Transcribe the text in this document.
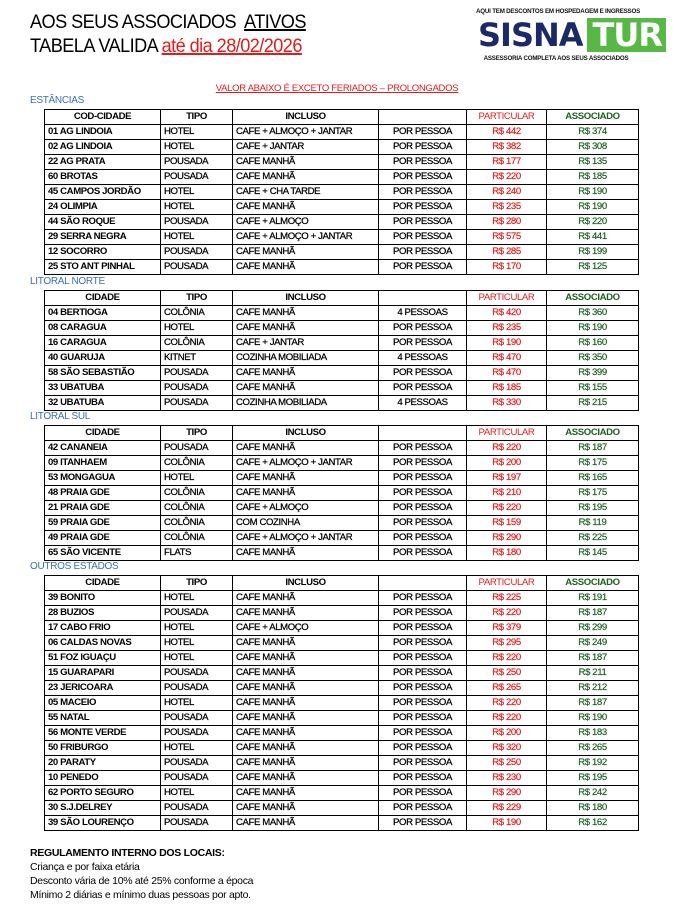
AOS SEUS ASSOCIADOS ATIVOS
TABELA VALIDA até dia 28/02/2026
AQUI TEM DESCONTOS EM HOSPEDAGEM E INGRESSOS
SISNA TUR
ASSESSORIA COMPLETA AOS SEUS ASSOCIADOS
VALOR ABAIXO É EXCETO FERIADOS – PROLONGADOS
ESTÂNCIAS
COD-CIDADE	TIPO	INCLUSO		PARTICULAR	ASSOCIADO
01 AG LINDOIA	HOTEL	CAFE + ALMOÇO + JANTAR	POR PESSOA	R$ 442	R$ 374
02 AG LINDOIA	HOTEL	CAFE + JANTAR	POR PESSOA	R$ 382	R$ 308
22 AG PRATA	POUSADA	CAFE MANHÃ	POR PESSOA	R$ 177	R$ 135
60 BROTAS	POUSADA	CAFE MANHÃ	POR PESSOA	R$ 220	R$ 185
45 CAMPOS JORDÃO	HOTEL	CAFE + CHA TARDE	POR PESSOA	R$ 240	R$ 190
24 OLIMPIA	HOTEL	CAFE MANHÃ	POR PESSOA	R$ 235	R$ 190
44 SÃO ROQUE	POUSADA	CAFE + ALMOÇO	POR PESSOA	R$ 280	R$ 220
29 SERRA NEGRA	HOTEL	CAFE + ALMOÇO + JANTAR	POR PESSOA	R$ 575	R$ 441
12 SOCORRO	POUSADA	CAFE MANHÃ	POR PESSOA	R$ 285	R$ 199
25 STO ANT PINHAL	POUSADA	CAFE MANHÃ	POR PESSOA	R$ 170	R$ 125
LITORAL NORTE
CIDADE	TIPO	INCLUSO		PARTICULAR	ASSOCIADO
04 BERTIOGA	COLÔNIA	CAFE MANHÃ	4 PESSOAS	R$ 420	R$ 360
08 CARAGUA	HOTEL	CAFE MANHÃ	POR PESSOA	R$ 235	R$ 190
16 CARAGUA	COLÔNIA	CAFE + JANTAR	POR PESSOA	R$ 190	R$ 160
40 GUARUJA	KITNET	COZINHA MOBILIADA	4 PESSOAS	R$ 470	R$ 350
58 SÃO SEBASTIÃO	POUSADA	CAFE MANHÃ	POR PESSOA	R$ 470	R$ 399
33 UBATUBA	POUSADA	CAFE MANHÃ	POR PESSOA	R$ 185	R$ 155
32 UBATUBA	POUSADA	COZINHA MOBILIADA	4 PESSOAS	R$ 330	R$ 215
LITORAL SUL
CIDADE	TIPO	INCLUSO		PARTICULAR	ASSOCIADO
42 CANANEIA	POUSADA	CAFE MANHÃ	POR PESSOA	R$ 220	R$ 187
09 ITANHAEM	COLÔNIA	CAFE + ALMOÇO + JANTAR	POR PESSOA	R$ 200	R$ 175
53 MONGAGUA	HOTEL	CAFE MANHÃ	POR PESSOA	R$ 197	R$ 165
48 PRAIA GDE	COLÔNIA	CAFE MANHÃ	POR PESSOA	R$ 210	R$ 175
21 PRAIA GDE	COLÔNIA	CAFE + ALMOÇO	POR PESSOA	R$ 220	R$ 195
59 PRAIA GDE	COLÔNIA	COM COZINHA	POR PESSOA	R$ 159	R$ 119
49 PRAIA GDE	COLÔNIA	CAFE + ALMOÇO + JANTAR	POR PESSOA	R$ 290	R$ 225
65 SÃO VICENTE	FLATS	CAFE MANHÃ	POR PESSOA	R$ 180	R$ 145
OUTROS ESTADOS
CIDADE	TIPO	INCLUSO		PARTICULAR	ASSOCIADO
39 BONITO	HOTEL	CAFE MANHÃ	POR PESSOA	R$ 225	R$ 191
28 BUZIOS	POUSADA	CAFE MANHÃ	POR PESSOA	R$ 220	R$ 187
17 CABO FRIO	HOTEL	CAFE + ALMOÇO	POR PESSOA	R$ 379	R$ 299
06 CALDAS NOVAS	HOTEL	CAFE MANHÃ	POR PESSOA	R$ 295	R$ 249
51 FOZ IGUAÇU	HOTEL	CAFE MANHÃ	POR PESSOA	R$ 220	R$ 187
15 GUARAPARI	POUSADA	CAFE MANHÃ	POR PESSOA	R$ 250	R$ 211
23 JERICOARA	POUSADA	CAFE MANHÃ	POR PESSOA	R$ 265	R$ 212
05 MACEIO	HOTEL	CAFE MANHÃ	POR PESSOA	R$ 220	R$ 187
55 NATAL	POUSADA	CAFE MANHÃ	POR PESSOA	R$ 220	R$ 190
56 MONTE VERDE	POUSADA	CAFE MANHÃ	POR PESSOA	R$ 200	R$ 183
50 FRIBURGO	HOTEL	CAFE MANHÃ	POR PESSOA	R$ 320	R$ 265
20 PARATY	POUSADA	CAFE MANHÃ	POR PESSOA	R$ 250	R$ 192
10 PENEDO	POUSADA	CAFE MANHÃ	POR PESSOA	R$ 230	R$ 195
62 PORTO SEGURO	HOTEL	CAFE MANHÃ	POR PESSOA	R$ 290	R$ 242
30 S.J.DELREY	POUSADA	CAFE MANHÃ	POR PESSOA	R$ 229	R$ 180
39 SÃO LOURENÇO	POUSADA	CAFE MANHÃ	POR PESSOA	R$ 190	R$ 162
REGULAMENTO INTERNO DOS LOCAIS:
Criança e por faixa etária
Desconto vária de 10% até 25% conforme a época
Mínimo 2 diárias e mínimo duas pessoas por apto.
